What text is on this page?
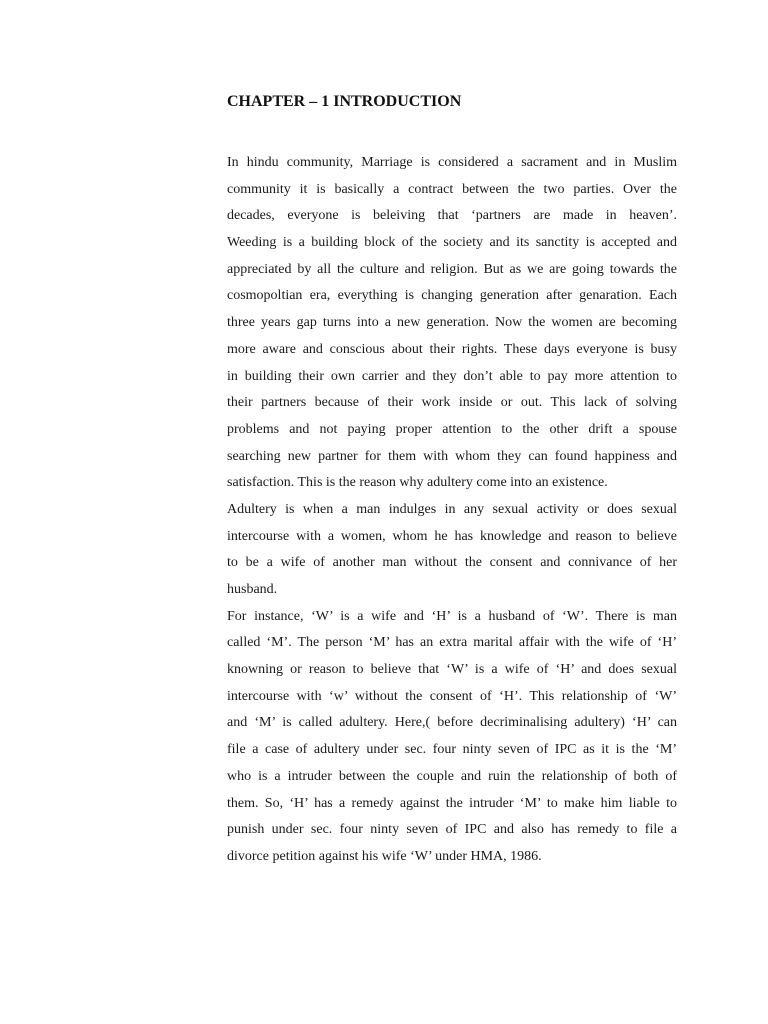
CHAPTER – 1 INTRODUCTION

In hindu community, Marriage is considered a sacrament and in Muslim
community it is basically a contract between the two parties. Over the
decades, everyone is beleiving that ‘partners are made in heaven’.
Weeding is a building block of the society and its sanctity is accepted and
appreciated by all the culture and religion. But as we are going towards the
cosmopoltian era, everything is changing generation after genaration. Each
three years gap turns into a new generation. Now the women are becoming
more aware and conscious about their rights. These days everyone is busy
in building their own carrier and they don’t able to pay more attention to
their partners because of their work inside or out. This lack of solving
problems and not paying proper attention to the other drift a spouse
searching new partner for them with whom they can found happiness and
satisfaction. This is the reason why adultery come into an existence.

Adultery is when a man indulges in any sexual activity or does sexual
intercourse with a women, whom he has knowledge and reason to believe
to be a wife of another man without the consent and connivance of her
husband.

For instance, ‘W’ is a wife and ‘H’ is a husband of ‘W’. There is man
called ‘M’. The person ‘M’ has an extra marital affair with the wife of ‘H’
knowning or reason to believe that ‘W’ is a wife of ‘H’ and does sexual
intercourse with ‘w’ without the consent of ‘H’. This relationship of ‘W’
and ‘M’ is called adultery. Here,( before decriminalising adultery) ‘H’ can
file a case of adultery under sec. four ninty seven of IPC as it is the ‘M’
who is a intruder between the couple and ruin the relationship of both of
them. So, ‘H’ has a remedy against the intruder ‘M’ to make him liable to
punish under sec. four ninty seven of IPC and also has remedy to file a
divorce petition against his wife ‘W’ under HMA, 1986.
